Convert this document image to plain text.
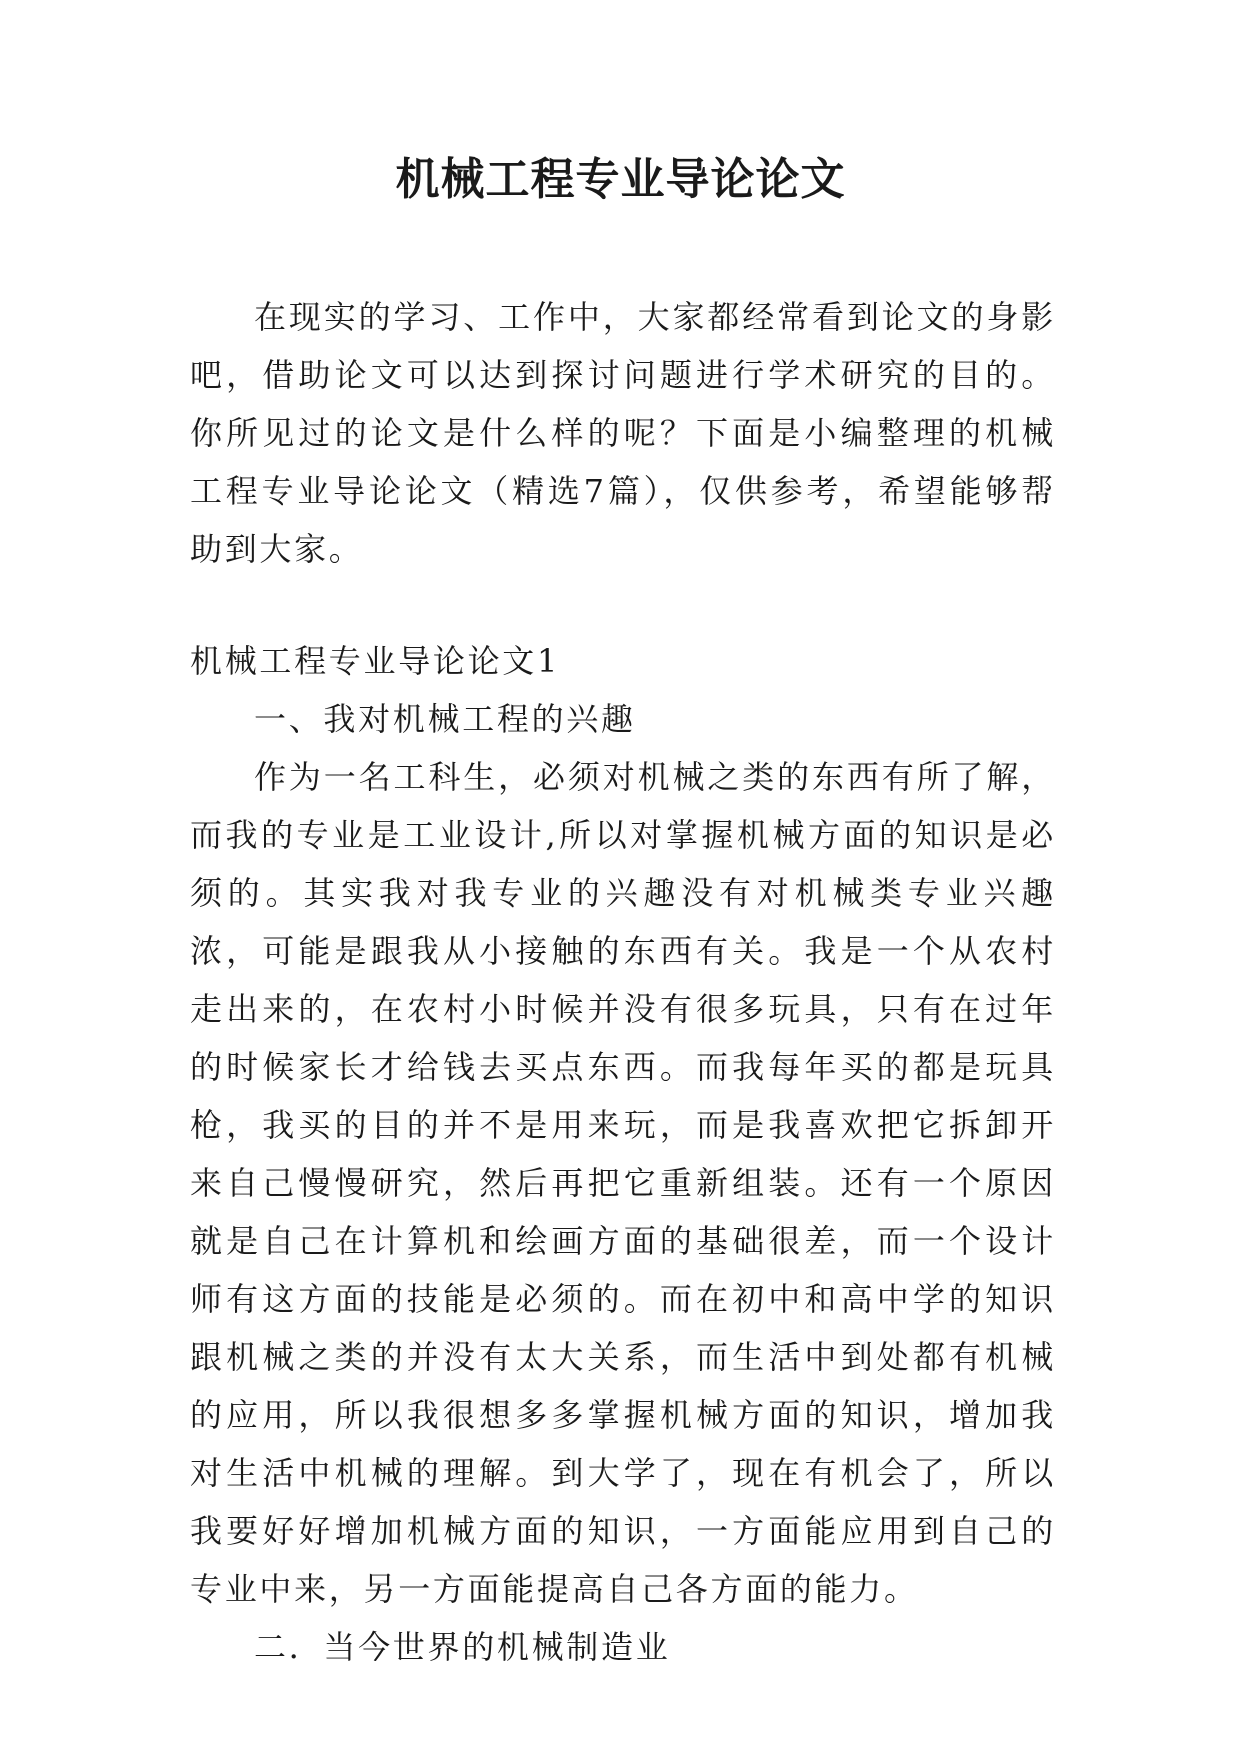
机械工程专业导论论文

在现实的学习、工作中，大家都经常看到论文的身影吧，借助论文可以达到探讨问题进行学术研究的目的。你所见过的论文是什么样的呢？下面是小编整理的机械工程专业导论论文（精选7篇），仅供参考，希望能够帮助到大家。

机械工程专业导论论文1

一、我对机械工程的兴趣

作为一名工科生，必须对机械之类的东西有所了解，而我的专业是工业设计,所以对掌握机械方面的知识是必须的。其实我对我专业的兴趣没有对机械类专业兴趣浓，可能是跟我从小接触的东西有关。我是一个从农村走出来的，在农村小时候并没有很多玩具，只有在过年的时候家长才给钱去买点东西。而我每年买的都是玩具枪，我买的目的并不是用来玩，而是我喜欢把它拆卸开来自己慢慢研究，然后再把它重新组装。还有一个原因就是自己在计算机和绘画方面的基础很差，而一个设计师有这方面的技能是必须的。而在初中和高中学的知识跟机械之类的并没有太大关系，而生活中到处都有机械的应用，所以我很想多多掌握机械方面的知识，增加我对生活中机械的理解。到大学了，现在有机会了，所以我要好好增加机械方面的知识，一方面能应用到自己的专业中来，另一方面能提高自己各方面的能力。

二．当今世界的机械制造业
